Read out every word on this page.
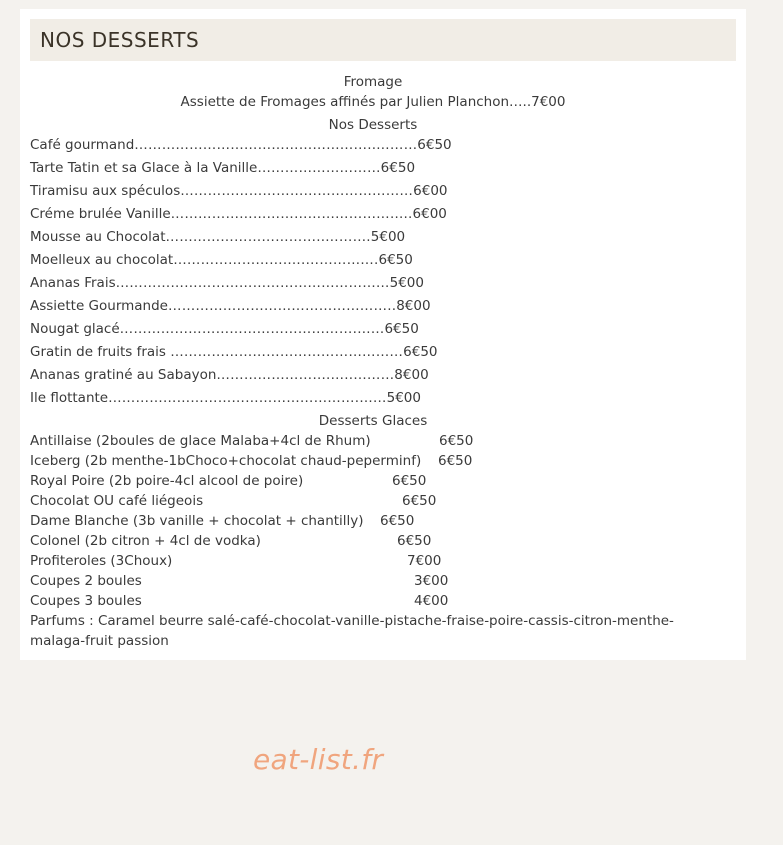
NOS DESSERTS
Fromage
Assiette de Fromages affinés par Julien Planchon…..7€00
Nos Desserts
Café gourmand……………………………………………..………6€50
Tarte Tatin et sa Glace à la Vanille………………………6€50
Tiramisu aux spéculos……………………………………………6€00
Créme brulée Vanille……………………………………………..6€00
Mousse au Chocolat……………………………..……….5€00
Moelleux au chocolat…………………….….…………….6€50
Ananas Frais……………………………………………………5€00
Assiette Gourmande…………………………………………..8€00
Nougat glacé…………………………………………….……6€50
Gratin de fruits frais ……………………………………………6€50
Ananas gratiné au Sabayon…………………….…..………8€00
Ile flottante……………………………………………….……5€00
Desserts Glaces
Antillaise (2boules de glace Malaba+4cl de Rhum)	6€50
Iceberg (2b menthe-1bChoco+chocolat chaud-peperminf) 6€50
Royal Poire (2b poire-4cl alcool de poire)	6€50
Chocolat OU café liégeois	6€50
Dame Blanche (3b vanille + chocolat + chantilly) 6€50
Colonel (2b citron + 4cl de vodka)	6€50
Profiteroles (3Choux)	7€00
Coupes 2 boules	3€00
Coupes 3 boules	4€00
Parfums : Caramel beurre salé-café-chocolat-vanille-pistache-fraise-poire-cassis-citron-menthe-
malaga-fruit passion
eat-list.fr
